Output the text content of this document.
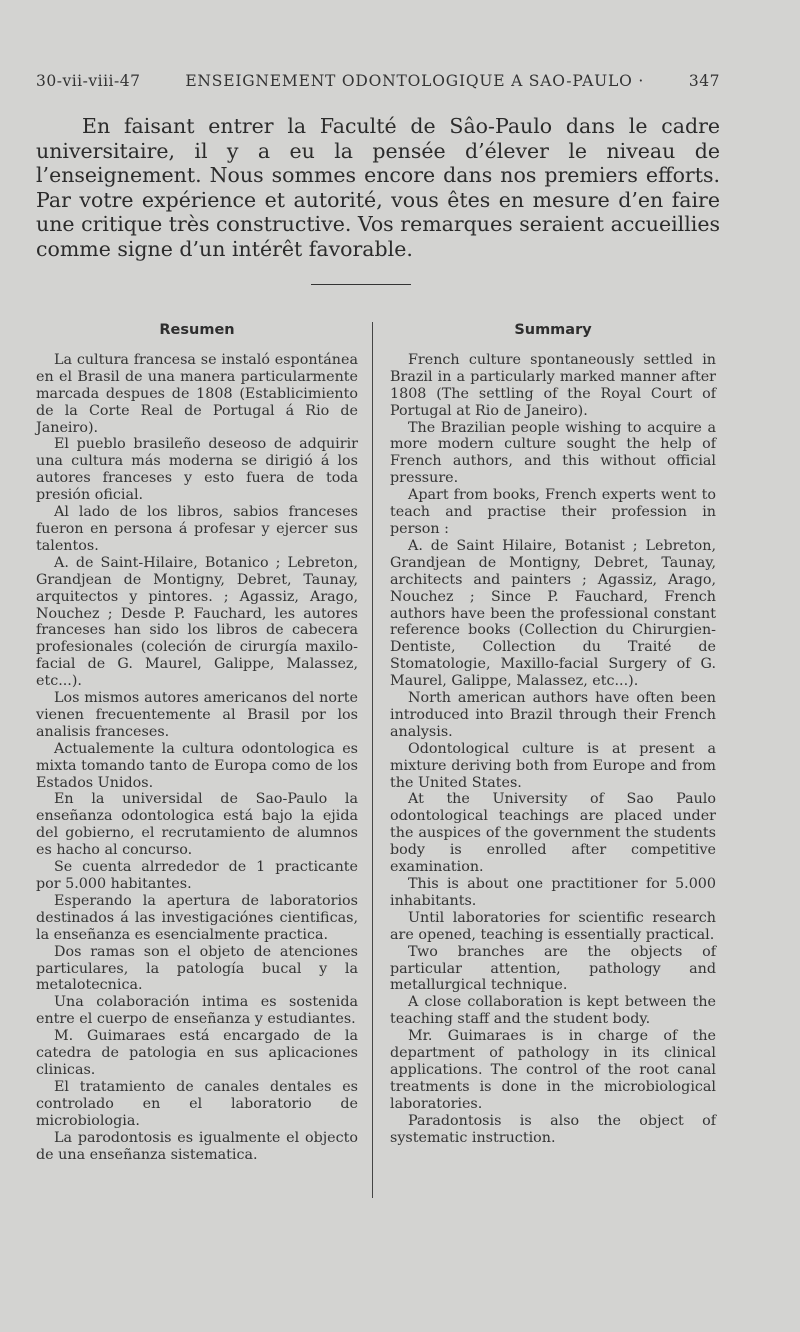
30-vii-viii-47	ENSEIGNEMENT ODONTOLOGIQUE A SAO-PAULO ·	347

En faisant entrer la Faculté de Sâo-Paulo dans le cadre universitaire, il y a eu la pensée d’élever le niveau de l’enseignement. Nous sommes encore dans nos premiers efforts. Par votre expérience et autorité, vous êtes en mesure d’en faire une critique très constructive. Vos remarques seraient accueillies comme signe d’un intérêt favorable.

Resumen

La cultura francesa se instaló espontánea en el Brasil de una manera particularmente marcada despues de 1808 (Establicimiento de la Corte Real de Portugal á Rio de Janeiro).

El pueblo brasileño deseoso de adquirir una cultura más moderna se dirigió á los autores franceses y esto fuera de toda presión oficial.

Al lado de los libros, sabios franceses fueron en persona á profesar y ejercer sus talentos.

A. de Saint-Hilaire, Botanico ; Lebreton, Grandjean de Montigny, Debret, Taunay, arquitectos y pintores. ; Agassiz, Arago, Nouchez ; Desde P. Fauchard, les autores franceses han sido los libros de cabecera profesionales (coleción de cirurgía maxilo-facial de G. Maurel, Galippe, Malassez, etc...).

Los mismos autores americanos del norte vienen frecuentemente al Brasil por los analisis franceses.

Actualemente la cultura odontologica es mixta tomando tanto de Europa como de los Estados Unidos.

En la universidal de Sao-Paulo la enseñanza odontologica está bajo la ejida del gobierno, el recrutamiento de alumnos es hacho al concurso.

Se cuenta alrrededor de 1 practicante por 5.000 habitantes.

Esperando la apertura de laboratorios destinados á las investigaciónes cientificas, la enseñanza es esencialmente practica.

Dos ramas son el objeto de atenciones particulares, la patología bucal y la metalotecnica.

Una colaboración intima es sostenida entre el cuerpo de enseñanza y estudiantes.

M. Guimaraes está encargado de la catedra de patologia en sus aplicaciones clinicas.

El tratamiento de canales dentales es controlado en el laboratorio de microbiologia.

La parodontosis es igualmente el objecto de una enseñanza sistematica.

Summary

French culture spontaneously settled in Brazil in a particularly marked manner after 1808 (The settling of the Royal Court of Portugal at Rio de Janeiro).

The Brazilian people wishing to acquire a more modern culture sought the help of French authors, and this without official pressure.

Apart from books, French experts went to teach and practise their profession in person :

A. de Saint Hilaire, Botanist ; Lebreton, Grandjean de Montigny, Debret, Taunay, architects and painters ; Agassiz, Arago, Nouchez ; Since P. Fauchard, French authors have been the professional constant reference books (Collection du Chirurgien-Dentiste, Collection du Traité de Stomatologie, Maxillo-facial Surgery of G. Maurel, Galippe, Malassez, etc...).

North american authors have often been introduced into Brazil through their French analysis.

Odontological culture is at present a mixture deriving both from Europe and from the United States.

At the University of Sao Paulo odontological teachings are placed under the auspices of the government the students body is enrolled after competitive examination.

This is about one practitioner for 5.000 inhabitants.

Until laboratories for scientific research are opened, teaching is essentially practical.

Two branches are the objects of particular attention, pathology and metallurgical technique.

A close collaboration is kept between the teaching staff and the student body.

Mr. Guimaraes is in charge of the department of pathology in its clinical applications. The control of the root canal treatments is done in the microbiological laboratories.

Paradontosis is also the object of systematic instruction.
